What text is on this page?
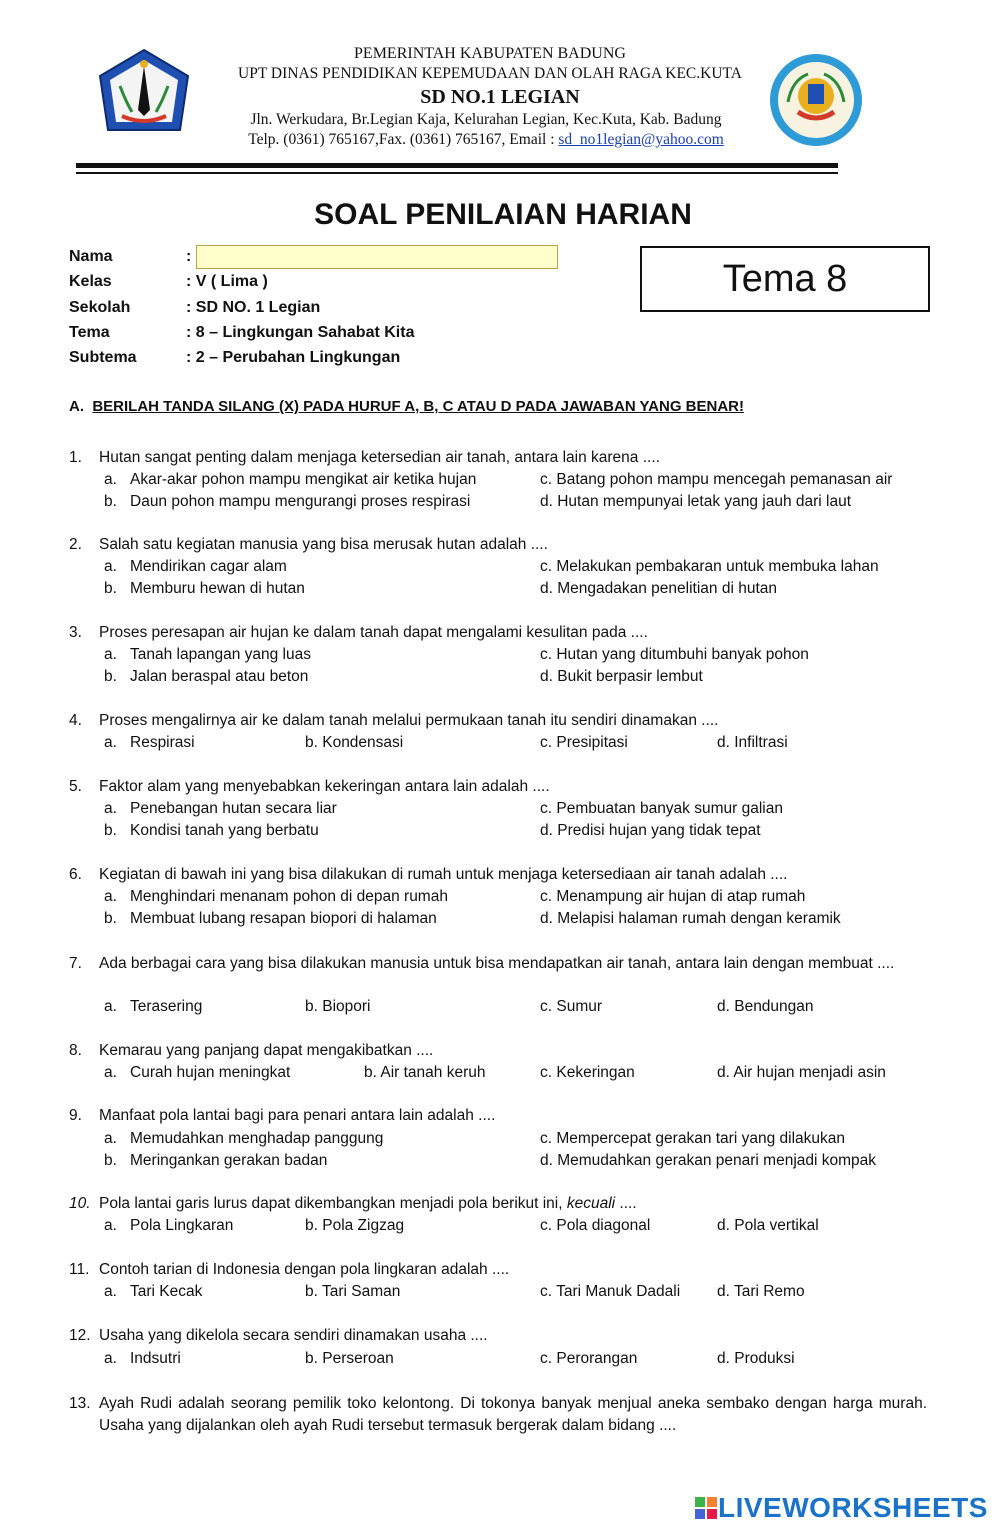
PEMERINTAH KABUPATEN BADUNG
UPT DINAS PENDIDIKAN KEPEMUDAAN DAN OLAH RAGA KEC.KUTA
SD NO.1 LEGIAN
Jln. Werkudara, Br.Legian Kaja, Kelurahan Legian, Kec.Kuta, Kab. Badung
Telp. (0361) 765167,Fax. (0361) 765167, Email : sd_no1legian@yahoo.com
SOAL PENILAIAN HARIAN
Nama	:
Kelas	: V ( Lima )
Sekolah	: SD NO. 1 Legian
Tema	: 8 – Lingkungan Sahabat Kita
Subtema	: 2 – Perubahan Lingkungan
Tema 8
A. BERILAH TANDA SILANG (X) PADA HURUF A, B, C ATAU D PADA JAWABAN YANG BENAR!
1. Hutan sangat penting dalam menjaga ketersedian air tanah, antara lain karena ....
a. Akar-akar pohon mampu mengikat air ketika hujan	c. Batang pohon mampu mencegah pemanasan air
b. Daun pohon mampu mengurangi proses respirasi	d. Hutan mempunyai letak yang jauh dari laut
2. Salah satu kegiatan manusia yang bisa merusak hutan adalah ....
a. Mendirikan cagar alam	c. Melakukan pembakaran untuk membuka lahan
b. Memburu hewan di hutan	d. Mengadakan penelitian di hutan
3. Proses peresapan air hujan ke dalam tanah dapat mengalami kesulitan pada ....
a. Tanah lapangan yang luas	c. Hutan yang ditumbuhi banyak pohon
b. Jalan beraspal atau beton	d. Bukit berpasir lembut
4. Proses mengalirnya air ke dalam tanah melalui permukaan tanah itu sendiri dinamakan ....
a. Respirasi	b. Kondensasi	c. Presipitasi	d. Infiltrasi
5. Faktor alam yang menyebabkan kekeringan antara lain adalah ....
a. Penebangan hutan secara liar	c. Pembuatan banyak sumur galian
b. Kondisi tanah yang berbatu	d. Predisi hujan yang tidak tepat
6. Kegiatan di bawah ini yang bisa dilakukan di rumah untuk menjaga ketersediaan air tanah adalah ....
a. Menghindari menanam pohon di depan rumah	c. Menampung air hujan di atap rumah
b. Membuat lubang resapan biopori di halaman	d. Melapisi halaman rumah dengan keramik
7.	Ada berbagai cara yang bisa dilakukan manusia untuk bisa mendapatkan air tanah, antara lain dengan membuat ....
a. Terasering	b. Biopori	c. Sumur	d. Bendungan
8. Kemarau yang panjang dapat mengakibatkan ....
a. Curah hujan meningkat	b. Air tanah keruh	c. Kekeringan	d. Air hujan menjadi asin
9. Manfaat pola lantai bagi para penari antara lain adalah ....
a. Memudahkan menghadap panggung	c. Mempercepat gerakan tari yang dilakukan
b. Meringankan gerakan badan	d. Memudahkan gerakan penari menjadi kompak
10. Pola lantai garis lurus dapat dikembangkan menjadi pola berikut ini, kecuali ....
a. Pola Lingkaran	b. Pola Zigzag	c. Pola diagonal	d. Pola vertikal
11. Contoh tarian di Indonesia dengan pola lingkaran adalah ....
a. Tari Kecak	b. Tari Saman	c. Tari Manuk Dadali d. Tari Remo
12. Usaha yang dikelola secara sendiri dinamakan usaha ....
a. Indsutri	b. Perseroan	c. Perorangan	d. Produksi
13. Ayah Rudi adalah seorang pemilik toko kelontong. Di tokonya banyak menjual aneka sembako dengan harga murah. Usaha yang dijalankan oleh ayah Rudi tersebut termasuk bergerak dalam bidang ....
LIVEWORKSHEETS
